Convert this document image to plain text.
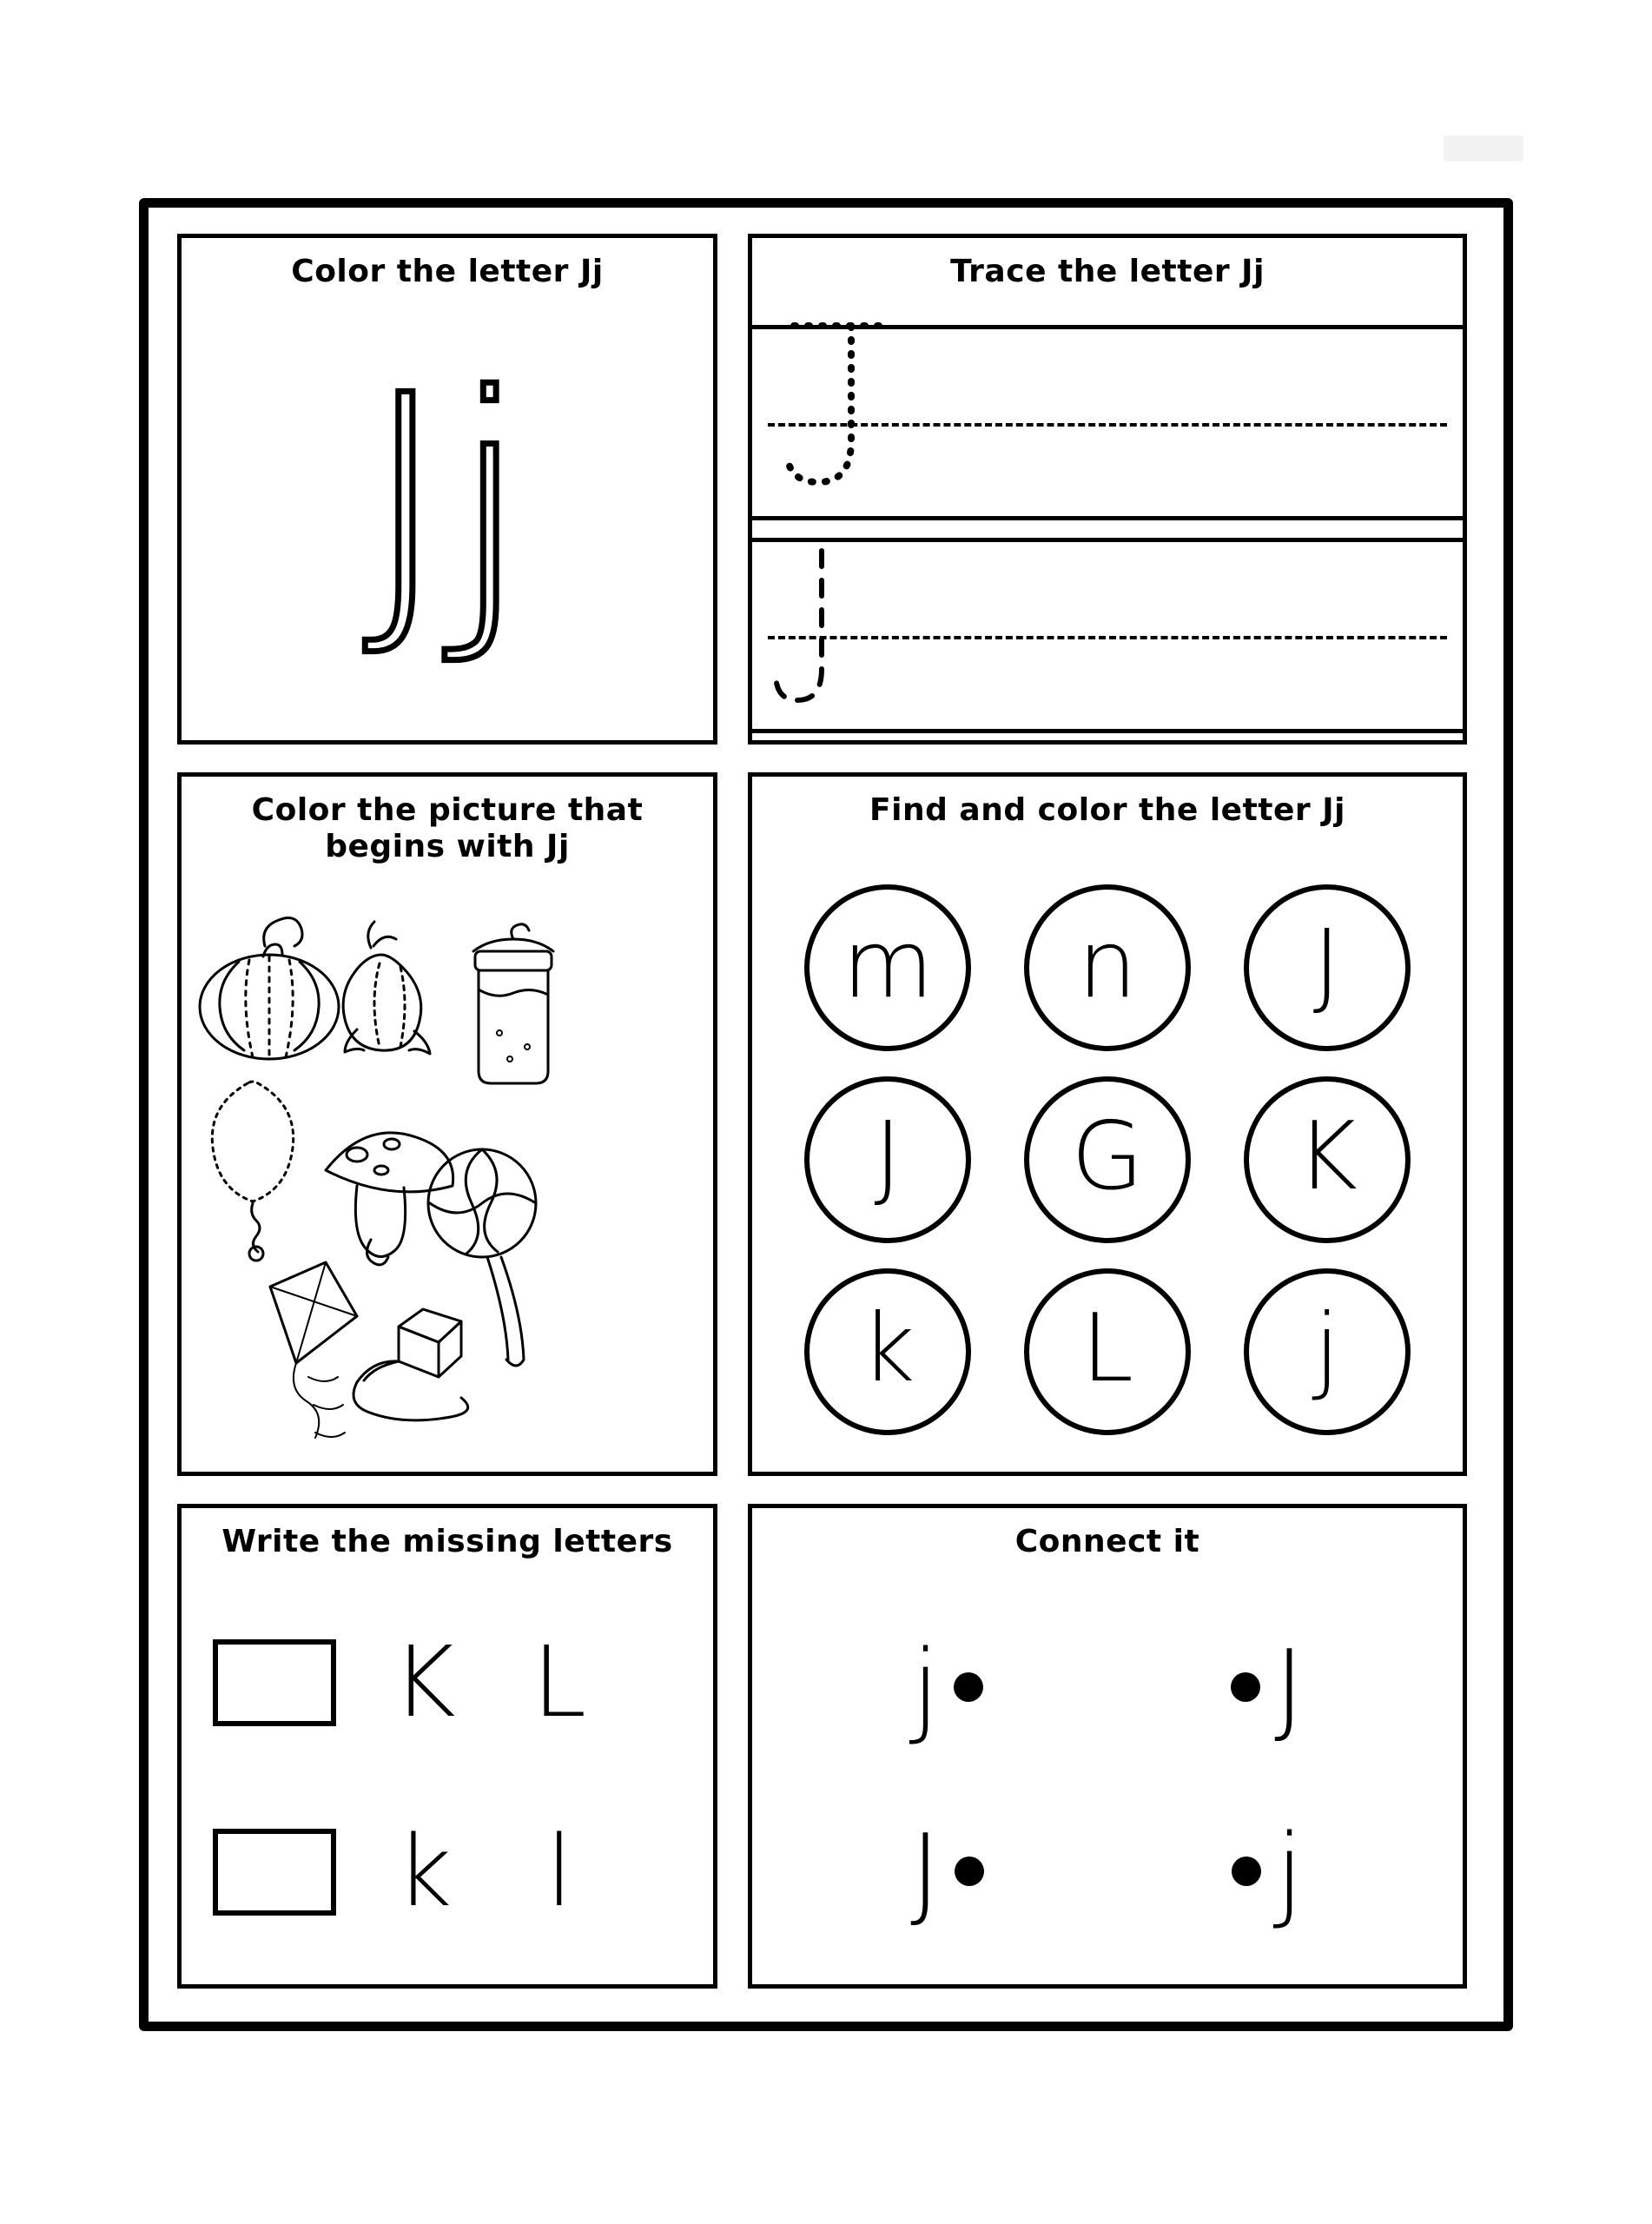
Color the letter Jj
Jj
Trace the letter Jj
Color the picture that begins with Jj
Find and color the letter Jj
m n J
J G K
k L j
Write the missing letters
K L
k l
Connect it
j	J
J	j
